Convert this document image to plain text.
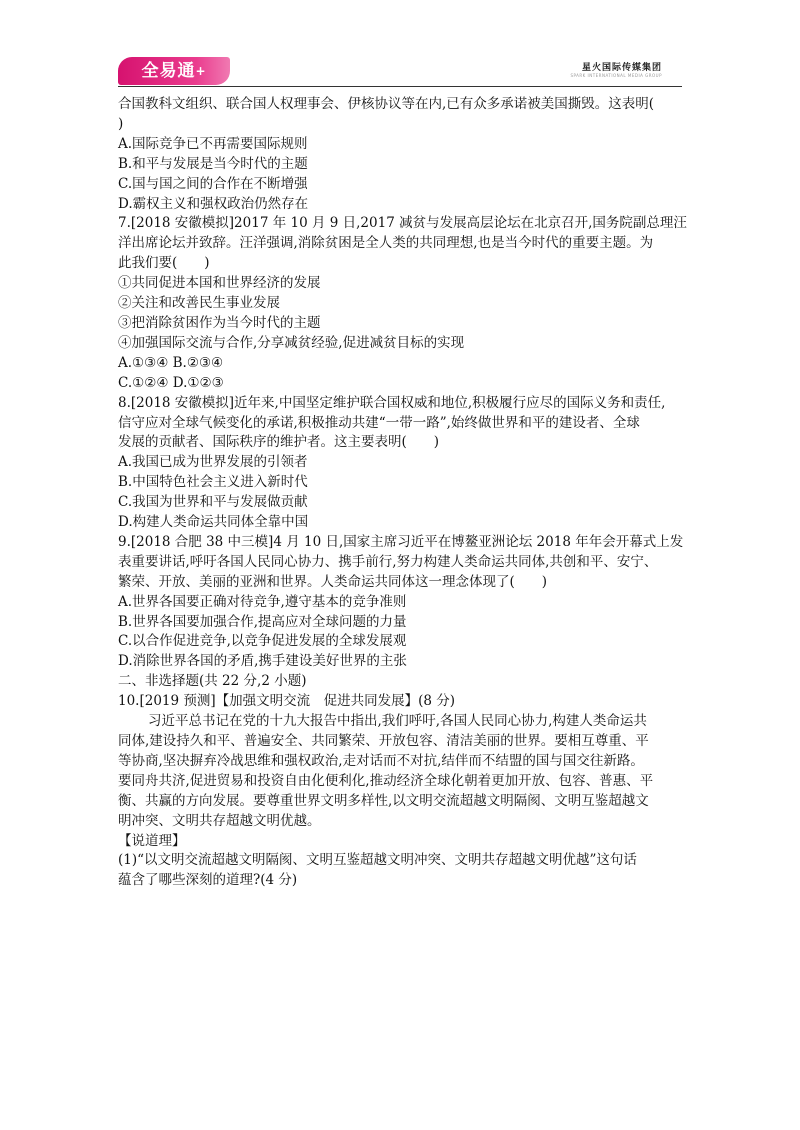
全易通+	星火国际传媒集团
SPARK INTERNATIONAL MEDIA GROUP
合国教科文组织、联合国人权理事会、伊核协议等在内,已有众多承诺被美国撕毁。这表明(
)
A.国际竞争已不再需要国际规则
B.和平与发展是当今时代的主题
C.国与国之间的合作在不断增强
D.霸权主义和强权政治仍然存在
7.[2018 安徽模拟]2017 年 10 月 9 日,2017 减贫与发展高层论坛在北京召开,国务院副总理汪
洋出席论坛并致辞。汪洋强调,消除贫困是全人类的共同理想,也是当今时代的重要主题。为
此我们要(　　)
①共同促进本国和世界经济的发展
②关注和改善民生事业发展
③把消除贫困作为当今时代的主题
④加强国际交流与合作,分享减贫经验,促进减贫目标的实现
A.①③④ B.②③④
C.①②④ D.①②③
8.[2018 安徽模拟]近年来,中国坚定维护联合国权威和地位,积极履行应尽的国际义务和责任,
信守应对全球气候变化的承诺,积极推动共建“一带一路”,始终做世界和平的建设者、全球
发展的贡献者、国际秩序的维护者。这主要表明(　　)
A.我国已成为世界发展的引领者
B.中国特色社会主义进入新时代
C.我国为世界和平与发展做贡献
D.构建人类命运共同体全靠中国
9.[2018 合肥 38 中三模]4 月 10 日,国家主席习近平在博鳌亚洲论坛 2018 年年会开幕式上发
表重要讲话,呼吁各国人民同心协力、携手前行,努力构建人类命运共同体,共创和平、安宁、
繁荣、开放、美丽的亚洲和世界。人类命运共同体这一理念体现了(　　)
A.世界各国要正确对待竞争,遵守基本的竞争准则
B.世界各国要加强合作,提高应对全球问题的力量
C.以合作促进竞争,以竞争促进发展的全球发展观
D.消除世界各国的矛盾,携手建设美好世界的主张
二、非选择题(共 22 分,2 小题)
10.[2019 预测]【加强文明交流　促进共同发展】(8 分)
习近平总书记在党的十九大报告中指出,我们呼吁,各国人民同心协力,构建人类命运共
同体,建设持久和平、普遍安全、共同繁荣、开放包容、清洁美丽的世界。要相互尊重、平
等协商,坚决摒弃冷战思维和强权政治,走对话而不对抗,结伴而不结盟的国与国交往新路。
要同舟共济,促进贸易和投资自由化便利化,推动经济全球化朝着更加开放、包容、普惠、平
衡、共赢的方向发展。要尊重世界文明多样性,以文明交流超越文明隔阂、文明互鉴超越文
明冲突、文明共存超越文明优越。
【说道理】
(1)“以文明交流超越文明隔阂、文明互鉴超越文明冲突、文明共存超越文明优越”这句话
蕴含了哪些深刻的道理?(4 分)
